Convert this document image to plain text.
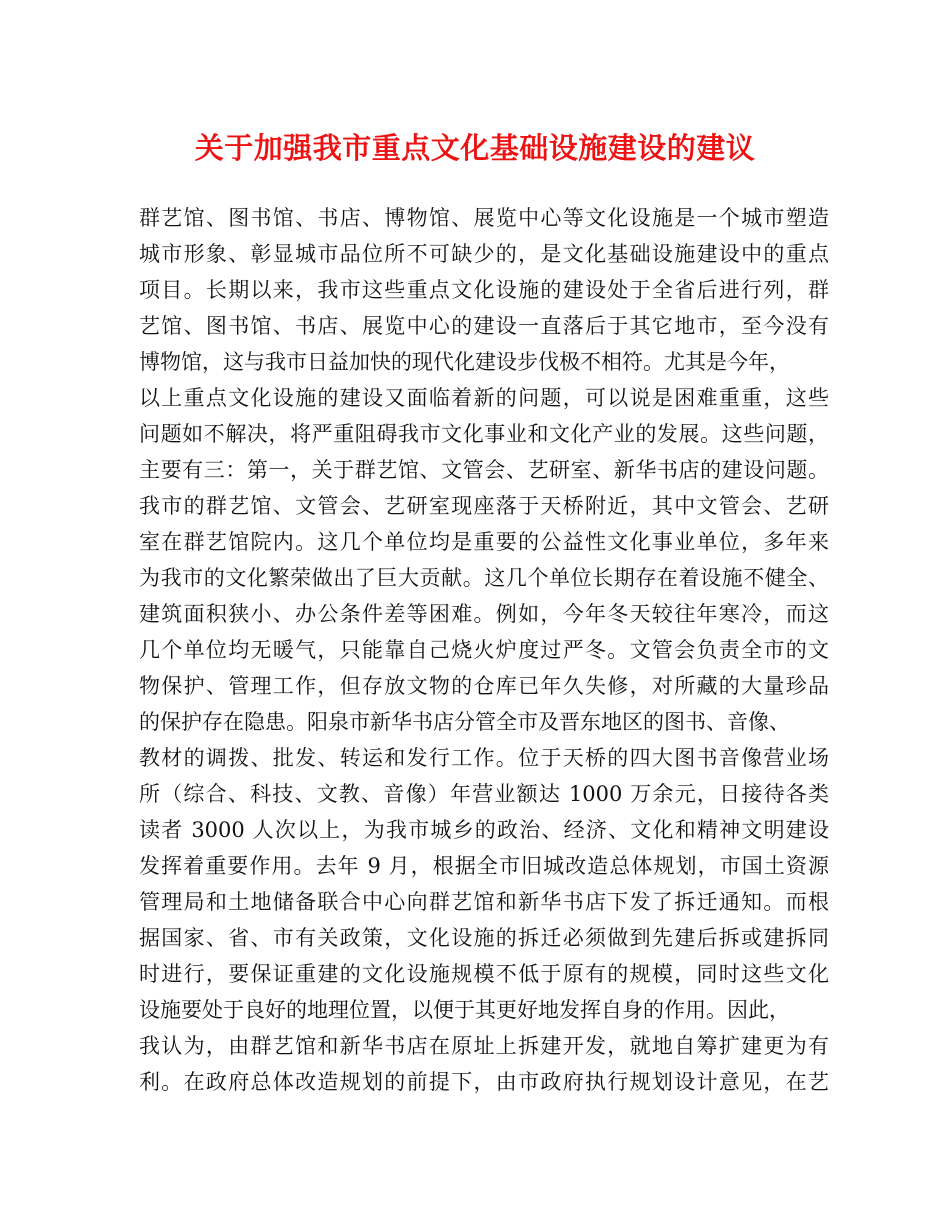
关于加强我市重点文化基础设施建设的建议
群艺馆、图书馆、书店、博物馆、展览中心等文化设施是一个城市塑造
城市形象、彰显城市品位所不可缺少的，是文化基础设施建设中的重点
项目。长期以来，我市这些重点文化设施的建设处于全省后进行列，群
艺馆、图书馆、书店、展览中心的建设一直落后于其它地市，至今没有
博物馆，这与我市日益加快的现代化建设步伐极不相符。尤其是今年，
以上重点文化设施的建设又面临着新的问题，可以说是困难重重，这些
问题如不解决，将严重阻碍我市文化事业和文化产业的发展。这些问题，
主要有三：第一，关于群艺馆、文管会、艺研室、新华书店的建设问题。
我市的群艺馆、文管会、艺研室现座落于天桥附近，其中文管会、艺研
室在群艺馆院内。这几个单位均是重要的公益性文化事业单位，多年来
为我市的文化繁荣做出了巨大贡献。这几个单位长期存在着设施不健全、
建筑面积狭小、办公条件差等困难。例如，今年冬天较往年寒冷，而这
几个单位均无暖气，只能靠自己烧火炉度过严冬。文管会负责全市的文
物保护、管理工作，但存放文物的仓库已年久失修，对所藏的大量珍品
的保护存在隐患。阳泉市新华书店分管全市及晋东地区的图书、音像、
教材的调拨、批发、转运和发行工作。位于天桥的四大图书音像营业场
所（综合、科技、文教、音像）年营业额达 1000 万余元，日接待各类
读者 3000 人次以上，为我市城乡的政治、经济、文化和精神文明建设
发挥着重要作用。去年 9 月，根据全市旧城改造总体规划，市国土资源
管理局和土地储备联合中心向群艺馆和新华书店下发了拆迁通知。而根
据国家、省、市有关政策，文化设施的拆迁必须做到先建后拆或建拆同
时进行，要保证重建的文化设施规模不低于原有的规模，同时这些文化
设施要处于良好的地理位置，以便于其更好地发挥自身的作用。因此，
我认为，由群艺馆和新华书店在原址上拆建开发，就地自筹扩建更为有
利。在政府总体改造规划的前提下，由市政府执行规划设计意见，在艺
